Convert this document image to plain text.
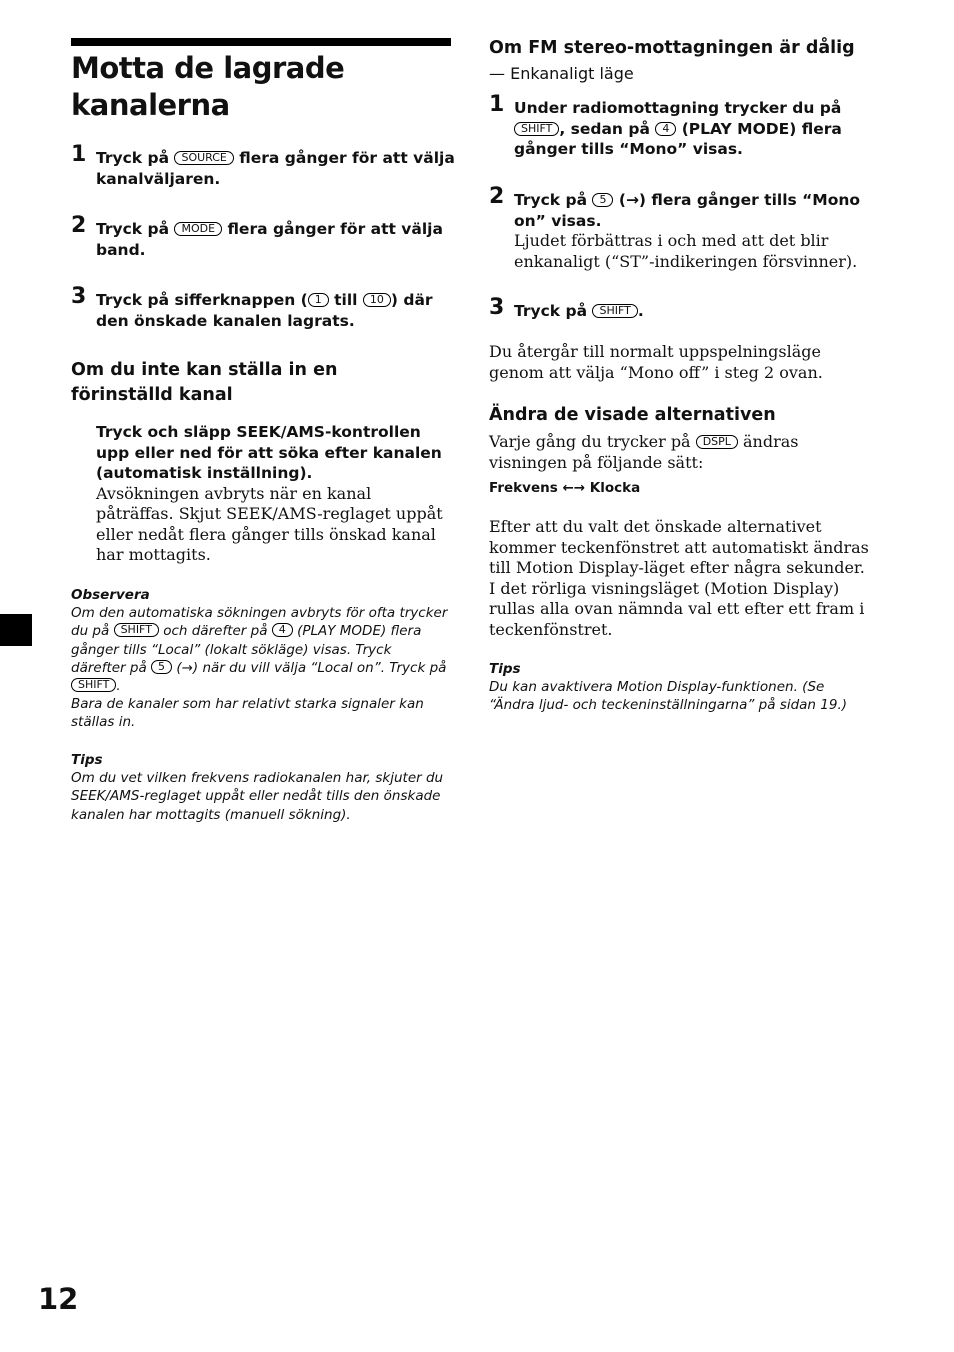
Motta de lagrade kanalerna
1 Tryck på SOURCE flera gånger för att välja kanalväljaren.
2 Tryck på MODE flera gånger för att välja band.
3 Tryck på sifferknappen ( 1 till 10 ) där den önskade kanalen lagrats.
Om du inte kan ställa in en förinställd kanal
Tryck och släpp SEEK/AMS-kontrollen upp eller ned för att söka efter kanalen (automatisk inställning).
Avsökningen avbryts när en kanal påträffas. Skjut SEEK/AMS-reglaget uppåt eller nedåt flera gånger tills önskad kanal har mottagits.
Observera
Om den automatiska sökningen avbryts för ofta trycker du på SHIFT och därefter på 4 (PLAY MODE) flera gånger tills “Local” (lokalt sökläge) visas. Tryck därefter på 5 (→) när du vill välja “Local on”. Tryck på SHIFT .
Bara de kanaler som har relativt starka signaler kan ställas in.
Tips
Om du vet vilken frekvens radiokanalen har, skjuter du SEEK/AMS-reglaget uppåt eller nedåt tills den önskade kanalen har mottagits (manuell sökning).
Om FM stereo-mottagningen är dålig — Enkanaligt läge
1 Under radiomottagning trycker du på SHIFT , sedan på 4 (PLAY MODE) flera gånger tills “Mono” visas.
2 Tryck på 5 (→) flera gånger tills “Mono on” visas.
Ljudet förbättras i och med att det blir enkanaligt (“ST”-indikeringen försvinner).
3 Tryck på SHIFT .
Du återgår till normalt uppspelningsläge genom att välja “Mono off” i steg 2 ovan.
Ändra de visade alternativen
Varje gång du trycker på DSPL ändras visningen på följande sätt:
Frekvens ←→ Klocka
Efter att du valt det önskade alternativet kommer teckenfönstret att automatiskt ändras till Motion Display-läget efter några sekunder. I det rörliga visningsläget (Motion Display) rullas alla ovan nämnda val ett efter ett fram i teckenfönstret.
Tips
Du kan avaktivera Motion Display-funktionen. (Se “Ändra ljud- och teckeninställningarna” på sidan 19.)
12
